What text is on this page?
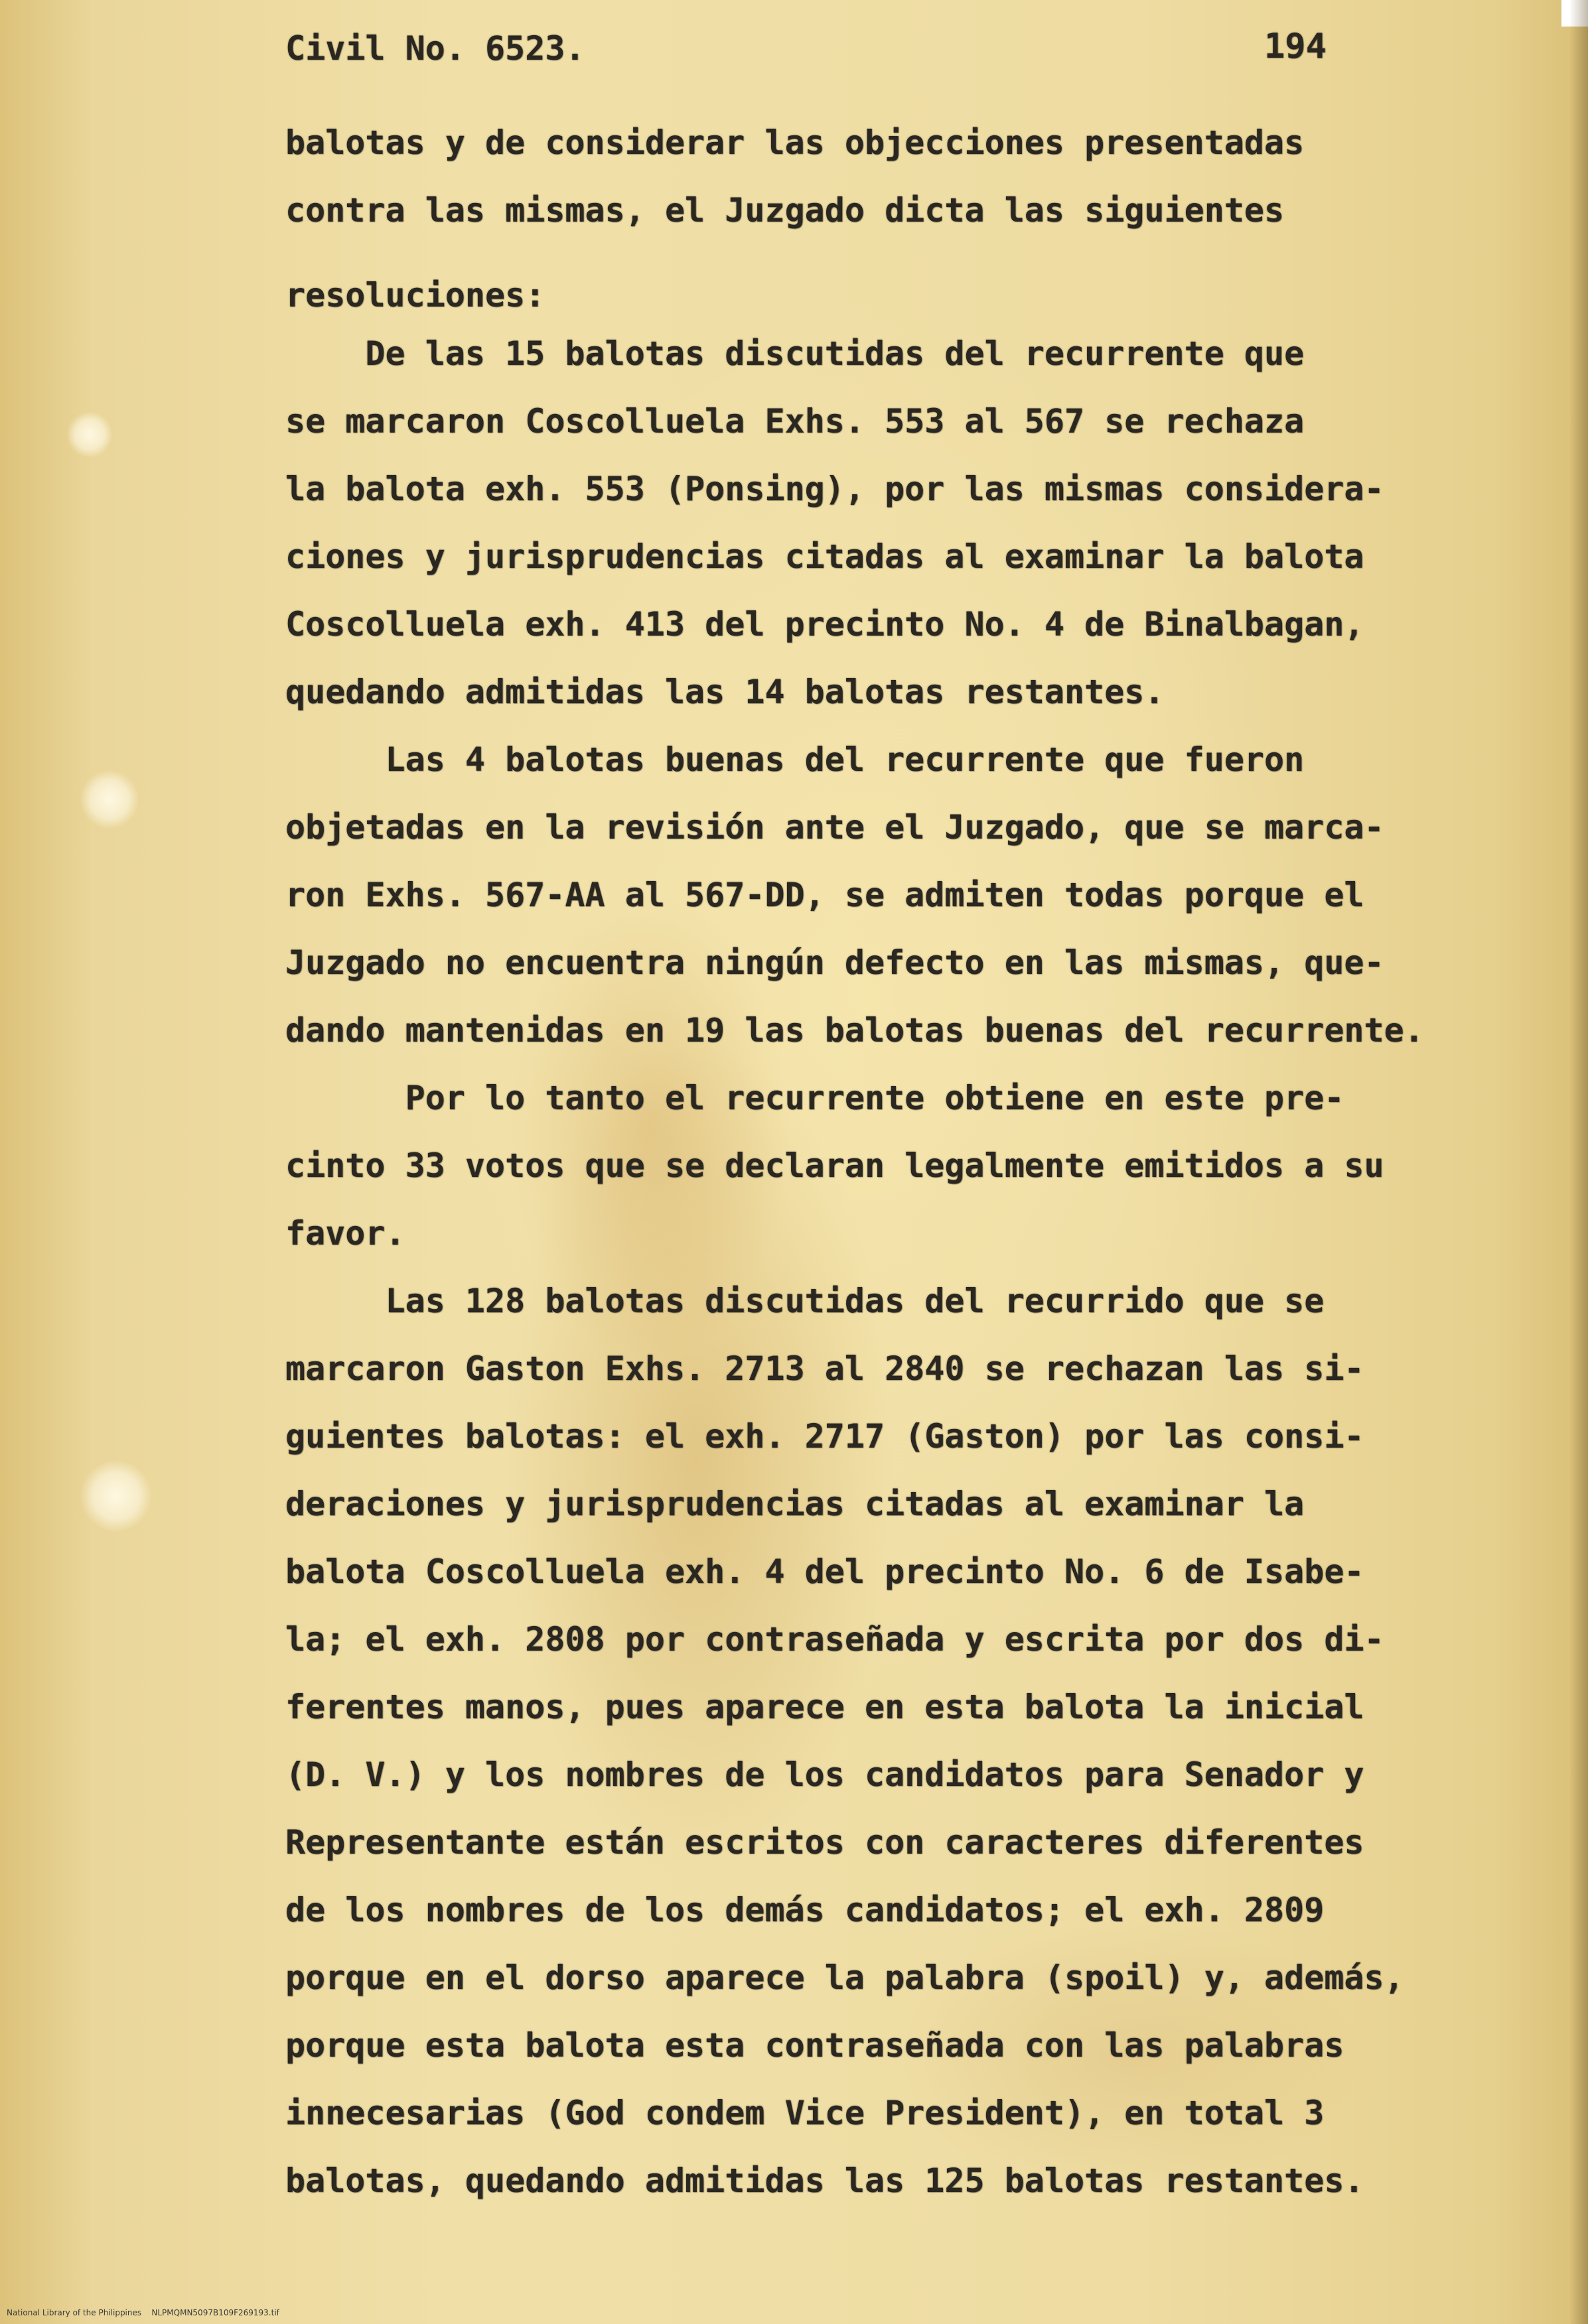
Civil No. 6523.	194
balotas y de considerar las objecciones presentadas
contra las mismas, el Juzgado dicta las siguientes
resoluciones:
De las 15 balotas discutidas del recurrente que
se marcaron Coscolluela Exhs. 553 al 567 se rechaza
la balota exh. 553 (Ponsing), por las mismas considera-
ciones y jurisprudencias citadas al examinar la balota
Coscolluela exh. 413 del precinto No. 4 de Binalbagan,
quedando admitidas las 14 balotas restantes.
Las 4 balotas buenas del recurrente que fueron
objetadas en la revisión ante el Juzgado, que se marca-
ron Exhs. 567-AA al 567-DD, se admiten todas porque el
Juzgado no encuentra ningún defecto en las mismas, que-
dando mantenidas en 19 las balotas buenas del recurrente.
Por lo tanto el recurrente obtiene en este pre-
cinto 33 votos que se declaran legalmente emitidos a su
favor.
Las 128 balotas discutidas del recurrido que se
marcaron Gaston Exhs. 2713 al 2840 se rechazan las si-
guientes balotas: el exh. 2717 (Gaston) por las consi-
deraciones y jurisprudencias citadas al examinar la
balota Coscolluela exh. 4 del precinto No. 6 de Isabe-
la; el exh. 2808 por contraseñada y escrita por dos di-
ferentes manos, pues aparece en esta balota la inicial
(D. V.) y los nombres de los candidatos para Senador y
Representante están escritos con caracteres diferentes
de los nombres de los demás candidatos; el exh. 2809
porque en el dorso aparece la palabra (spoil) y, además,
porque esta balota esta contraseñada con las palabras
innecesarias (God condem Vice President), en total 3
balotas, quedando admitidas las 125 balotas restantes.
National Library of the Philippines    NLPMQMN5097B109F269193.tif
